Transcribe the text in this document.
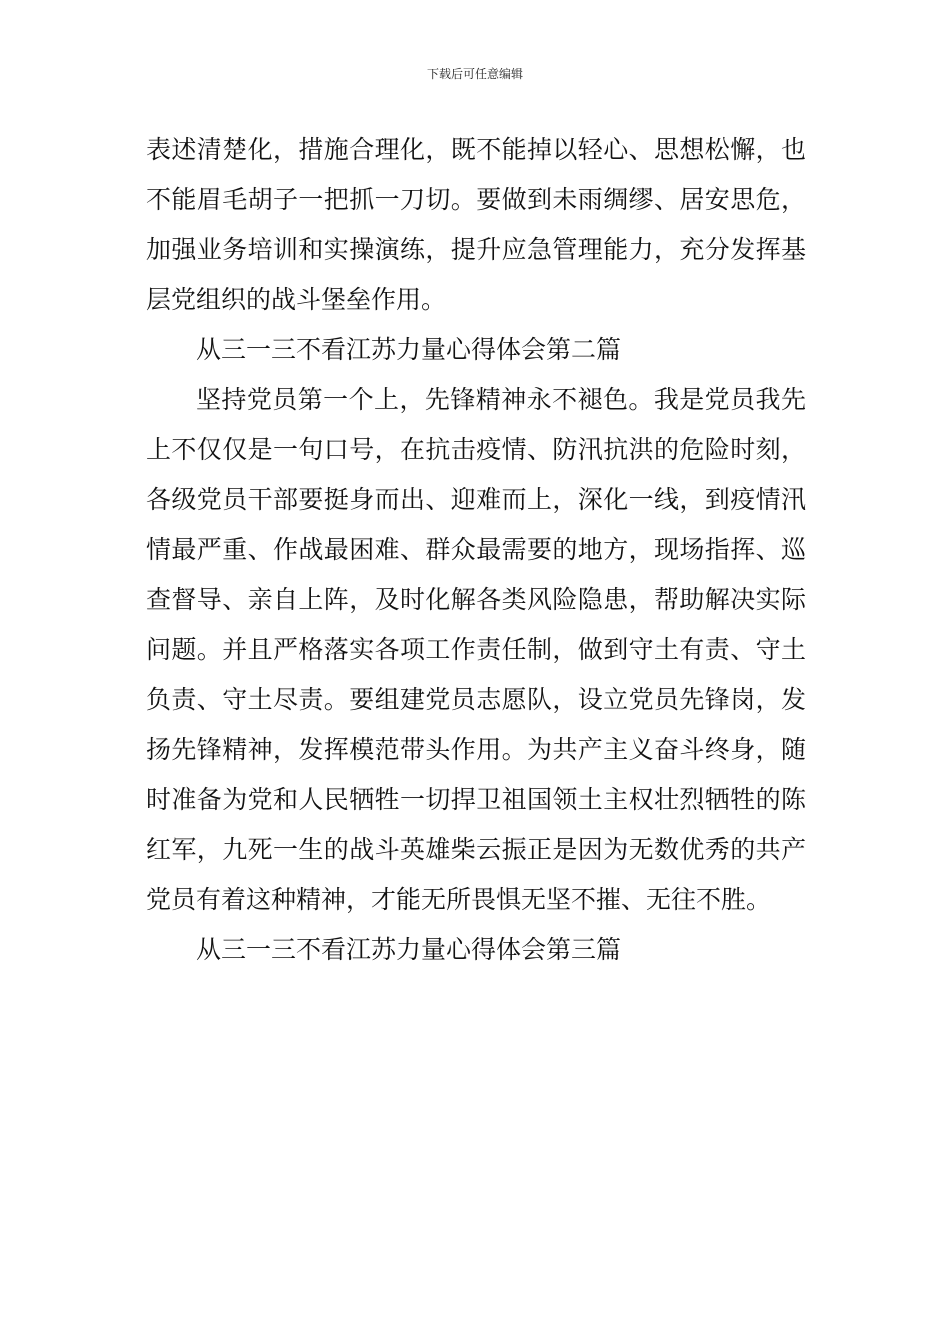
下载后可任意编辑

表述清楚化，措施合理化，既不能掉以轻心、思想松懈，也不能眉毛胡子一把抓一刀切。要做到未雨绸缪、居安思危，加强业务培训和实操演练，提升应急管理能力，充分发挥基层党组织的战斗堡垒作用。

从三一三不看江苏力量心得体会第二篇

坚持党员第一个上，先锋精神永不褪色。我是党员我先上不仅仅是一句口号，在抗击疫情、防汛抗洪的危险时刻，各级党员干部要挺身而出、迎难而上，深化一线，到疫情汛情最严重、作战最困难、群众最需要的地方，现场指挥、巡查督导、亲自上阵，及时化解各类风险隐患，帮助解决实际问题。并且严格落实各项工作责任制，做到守土有责、守土负责、守土尽责。要组建党员志愿队，设立党员先锋岗，发扬先锋精神，发挥模范带头作用。为共产主义奋斗终身，随时准备为党和人民牺牲一切捍卫祖国领土主权壮烈牺牲的陈红军，九死一生的战斗英雄柴云振正是因为无数优秀的共产党员有着这种精神，才能无所畏惧无坚不摧、无往不胜。

从三一三不看江苏力量心得体会第三篇
